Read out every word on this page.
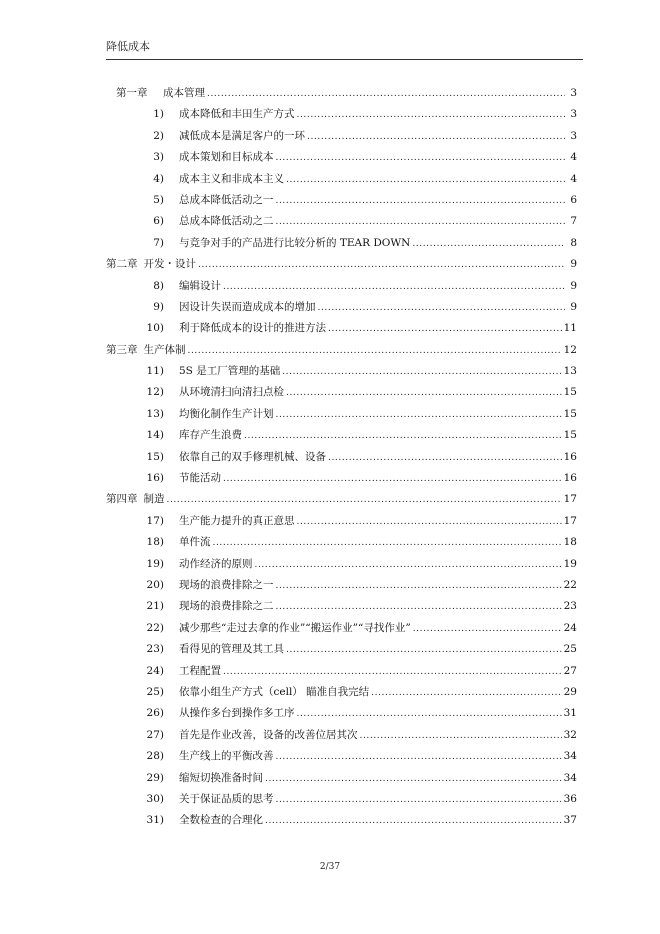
降低成本
第一章 成本管理 .....	3
1) 成本降低和丰田生产方式 .....	3
2) 减低成本是满足客户的一环 .....	3
3) 成本策划和目标成本 .....	4
4) 成本主义和非成本主义 .....	4
5) 总成本降低活动之一 .....	6
6) 总成本降低活动之二 .....	7
7) 与竞争对手的产品进行比较分析的 TEAR DOWN .....	8
第二章 开发・设计 .....	9
8) 编辑设计 .....	9
9) 因设计失误而造成成本的增加 .....	9
10) 利于降低成本的设计的推进方法 .....	11
第三章 生产体制 .....	12
11) 5S 是工厂管理的基础 .....	13
12) 从环境清扫向清扫点检 .....	15
13) 均衡化制作生产计划 .....	15
14) 库存产生浪费 .....	15
15) 依靠自己的双手修理机械、设备 .....	16
16) 节能活动 .....	16
第四章 制造 .....	17
17) 生产能力提升的真正意思 .....	17
18) 单件流 .....	18
19) 动作经济的原则 .....	19
20) 现场的浪费排除之一 .....	22
21) 现场的浪费排除之二 .....	23
22) 减少那些“走过去拿的作业”“搬运作业”“寻找作业” .....	24
23) 看得见的管理及其工具 .....	25
24) 工程配置 .....	27
25) 依靠小组生产方式（cell） 瞄准自我完结 .....	29
26) 从操作多台到操作多工序 .....	31
27) 首先是作业改善，设备的改善位居其次 .....	32
28) 生产线上的平衡改善 .....	34
29) 缩短切换准备时间 .....	34
30) 关于保证品质的思考 .....	36
31) 全数检查的合理化 .....	37
2/37
